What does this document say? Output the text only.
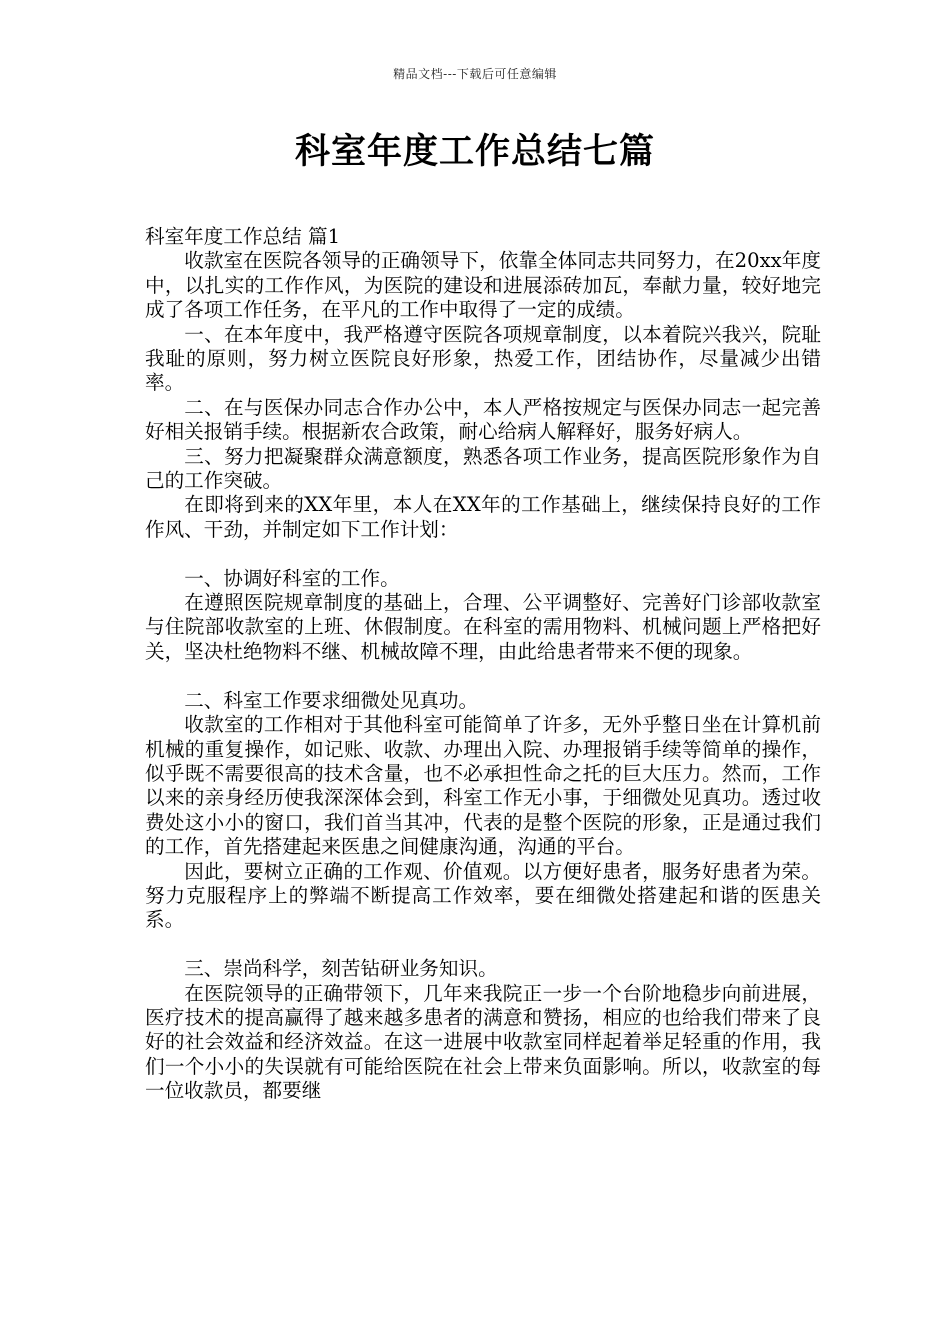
精品文档---下载后可任意编辑
科室年度工作总结七篇

科室年度工作总结 篇1

收款室在医院各领导的正确领导下，依靠全体同志共同努力，在20xx年度中，以扎实的工作作风，为医院的建设和进展添砖加瓦，奉献力量，较好地完成了各项工作任务，在平凡的工作中取得了一定的成绩。

一、在本年度中，我严格遵守医院各项规章制度，以本着院兴我兴，院耻我耻的原则，努力树立医院良好形象，热爱工作，团结协作，尽量减少出错率。

二、在与医保办同志合作办公中，本人严格按规定与医保办同志一起完善好相关报销手续。根据新农合政策，耐心给病人解释好，服务好病人。

三、努力把凝聚群众满意额度，熟悉各项工作业务，提高医院形象作为自己的工作突破。

在即将到来的XX年里，本人在XX年的工作基础上，继续保持良好的工作作风、干劲，并制定如下工作计划：

一、协调好科室的工作。

在遵照医院规章制度的基础上，合理、公平调整好、完善好门诊部收款室与住院部收款室的上班、休假制度。在科室的需用物料、机械问题上严格把好关，坚决杜绝物料不继、机械故障不理，由此给患者带来不便的现象。

二、科室工作要求细微处见真功。

收款室的工作相对于其他科室可能简单了许多，无外乎整日坐在计算机前机械的重复操作，如记账、收款、办理出入院、办理报销手续等简单的操作，似乎既不需要很高的技术含量，也不必承担性命之托的巨大压力。然而，工作以来的亲身经历使我深深体会到，科室工作无小事，于细微处见真功。透过收费处这小小的窗口，我们首当其冲，代表的是整个医院的形象，正是通过我们的工作，首先搭建起来医患之间健康沟通，沟通的平台。

因此，要树立正确的工作观、价值观。以方便好患者，服务好患者为荣。努力克服程序上的弊端不断提高工作效率，要在细微处搭建起和谐的医患关系。

三、崇尚科学，刻苦钻研业务知识。

在医院领导的正确带领下，几年来我院正一步一个台阶地稳步向前进展，医疗技术的提高赢得了越来越多患者的满意和赞扬，相应的也给我们带来了良好的社会效益和经济效益。在这一进展中收款室同样起着举足轻重的作用，我们一个小小的失误就有可能给医院在社会上带来负面影响。所以，收款室的每一位收款员，都要继
